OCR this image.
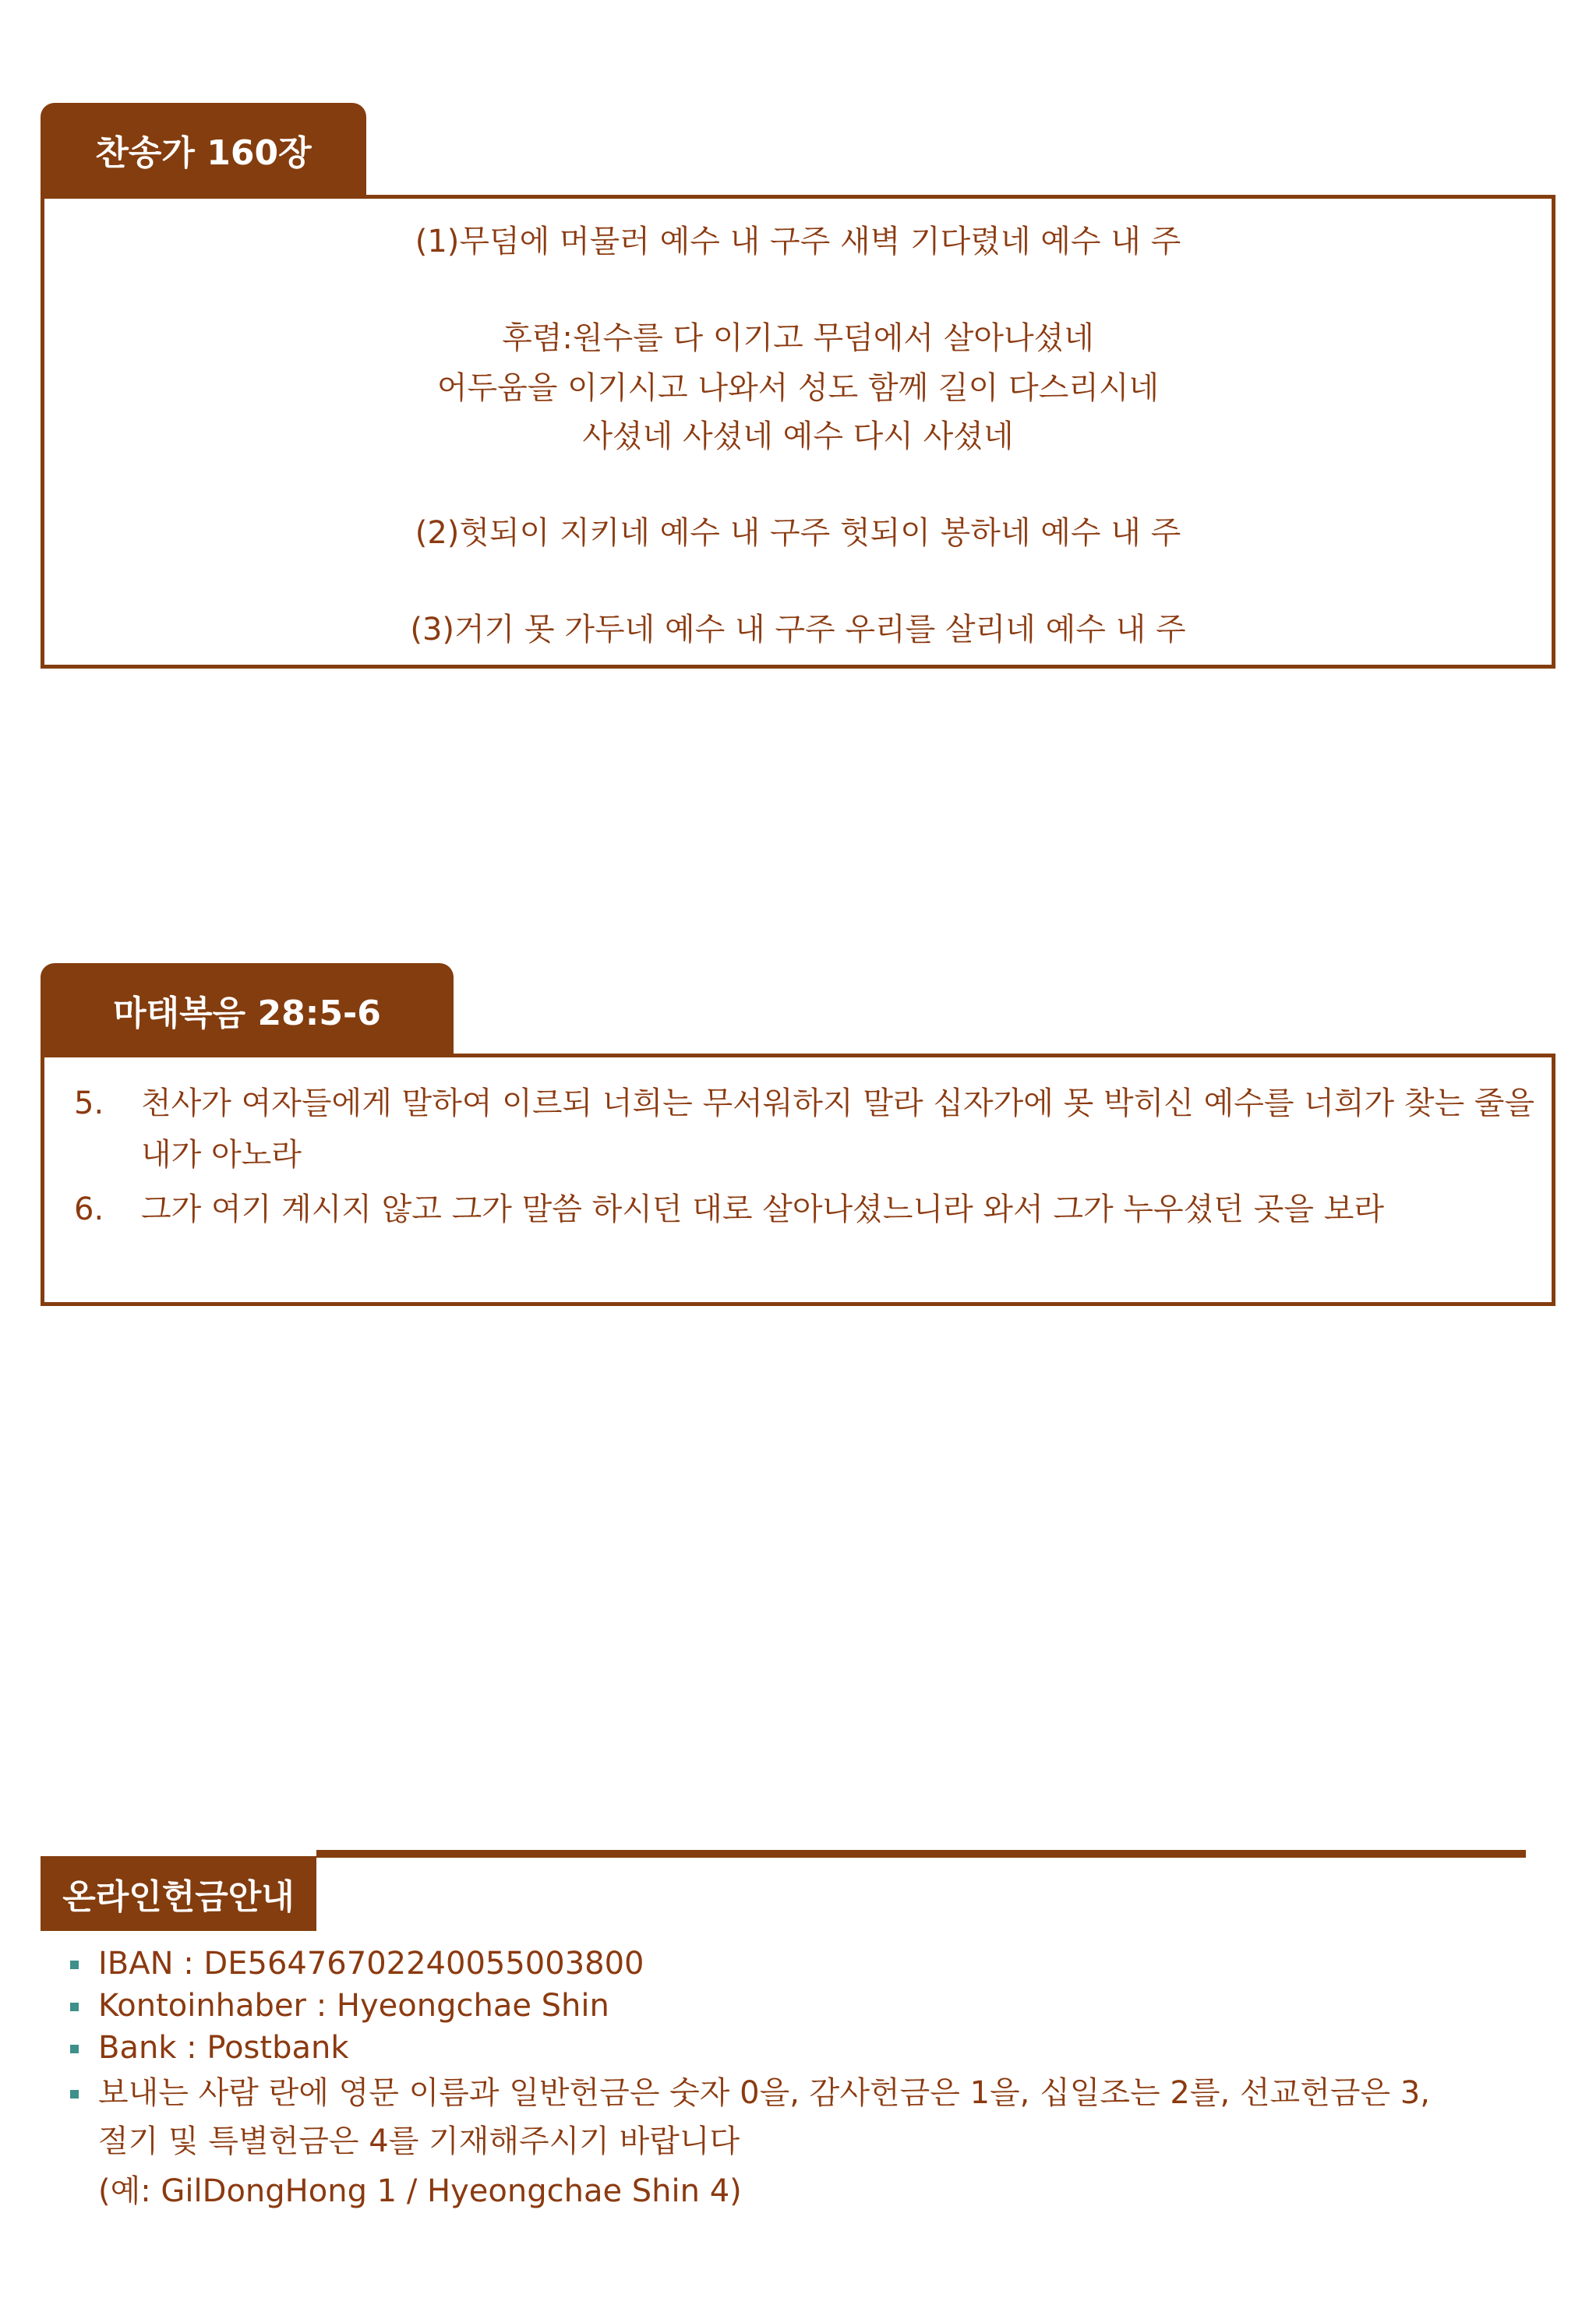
찬송가 160장
(1)무덤에 머물러 예수 내 구주 새벽 기다렸네 예수 내 주
후렴:원수를 다 이기고 무덤에서 살아나셨네
어두움을 이기시고 나와서 성도 함께 길이 다스리시네
사셨네 사셨네 예수 다시 사셨네
(2)헛되이 지키네 예수 내 구주 헛되이 봉하네 예수 내 주
(3)거기 못 가두네 예수 내 구주 우리를 살리네 예수 내 주
마태복음 28:5-6
5. 천사가 여자들에게 말하여 이르되 너희는 무서워하지 말라 십자가에 못 박히신 예수를 너희가 찾는 줄을 내가 아노라
6. 그가 여기 계시지 않고 그가 말씀 하시던 대로 살아나셨느니라 와서 그가 누우셨던 곳을 보라
온라인헌금안내
IBAN : DE56476702240055003800
Kontoinhaber : Hyeongchae Shin
Bank : Postbank
보내는 사람 란에 영문 이름과 일반헌금은 숫자 0을, 감사헌금은 1을, 십일조는 2를, 선교헌금은 3,
절기 및 특별헌금은 4를 기재해주시기 바랍니다
(예: GilDongHong 1 / Hyeongchae Shin 4)
